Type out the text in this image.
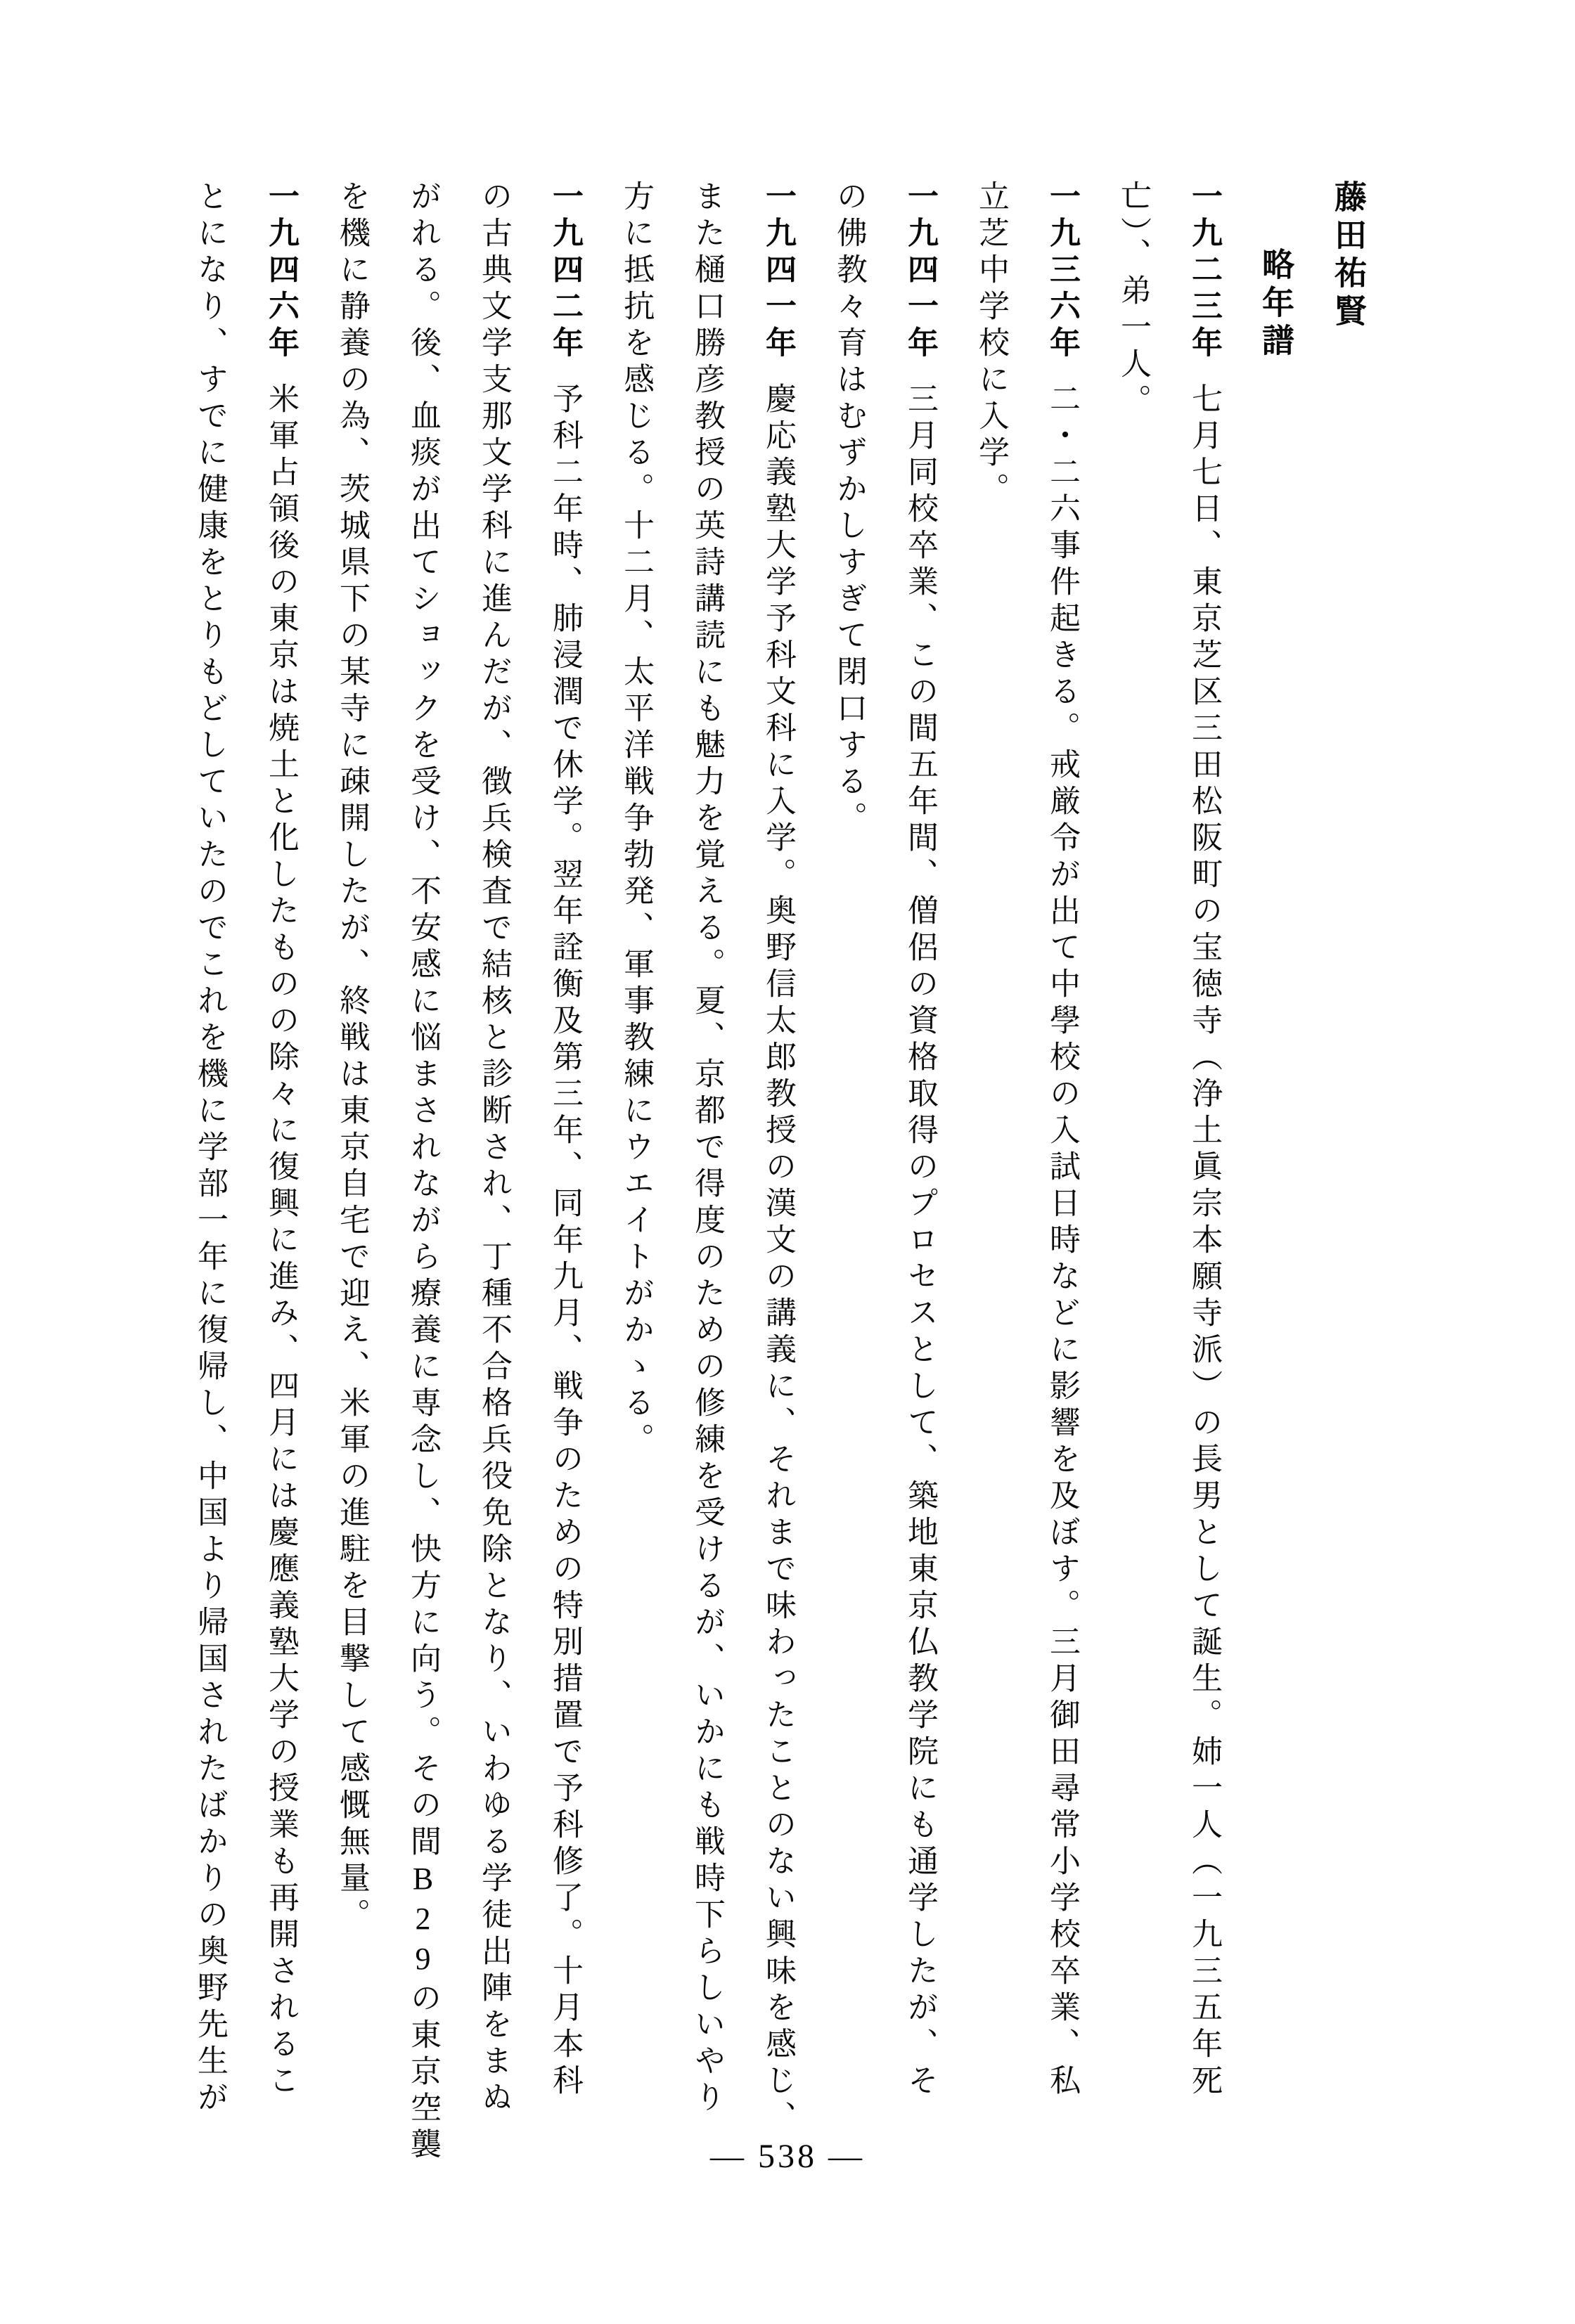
藤田祐賢
略年譜
一九二三年七月七日、東京芝区三田松阪町の宝徳寺（浄土眞宗本願寺派）の長男として誕生。姉一人（一九三五年死
亡）、弟一人。
一九三六年二・二六事件起きる。戒厳令が出て中學校の入試日時などに影響を及ぼす。三月御田尋常小学校卒業、私
立芝中学校に入学。
一九四一年三月同校卒業、この間五年間、僧侶の資格取得のプロセスとして、築地東京仏教学院にも通学したが、そ
の佛教々育はむずかしすぎて閉口する。
一九四一年慶応義塾大学予科文科に入学。奥野信太郎教授の漢文の講義に、それまで味わったことのない興味を感じ、
また樋口勝彦教授の英詩講読にも魅力を覚える。夏、京都で得度のための修練を受けるが、いかにも戦時下らしいやり
方に抵抗を感じる。十二月、太平洋戦争勃発、軍事教練にウエイトがかゝる。
一九四二年予科二年時、肺浸潤で休学。翌年詮衡及第三年、同年九月、戦争のための特別措置で予科修了。十月本科
の古典文学支那文学科に進んだが、徴兵検査で結核と診断され、丁種不合格兵役免除となり、いわゆる学徒出陣をまぬ
がれる。後、血痰が出てショックを受け、不安感に悩まされながら療養に専念し、快方に向う。その間B29の東京空襲
を機に静養の為、茨城県下の某寺に疎開したが、終戦は東京自宅で迎え、米軍の進駐を目撃して感慨無量。
一九四六年米軍占領後の東京は焼土と化したものの除々に復興に進み、四月には慶應義塾大学の授業も再開されるこ
とになり、すでに健康をとりもどしていたのでこれを機に学部一年に復帰し、中国より帰国されたばかりの奥野先生が
— 538 —
